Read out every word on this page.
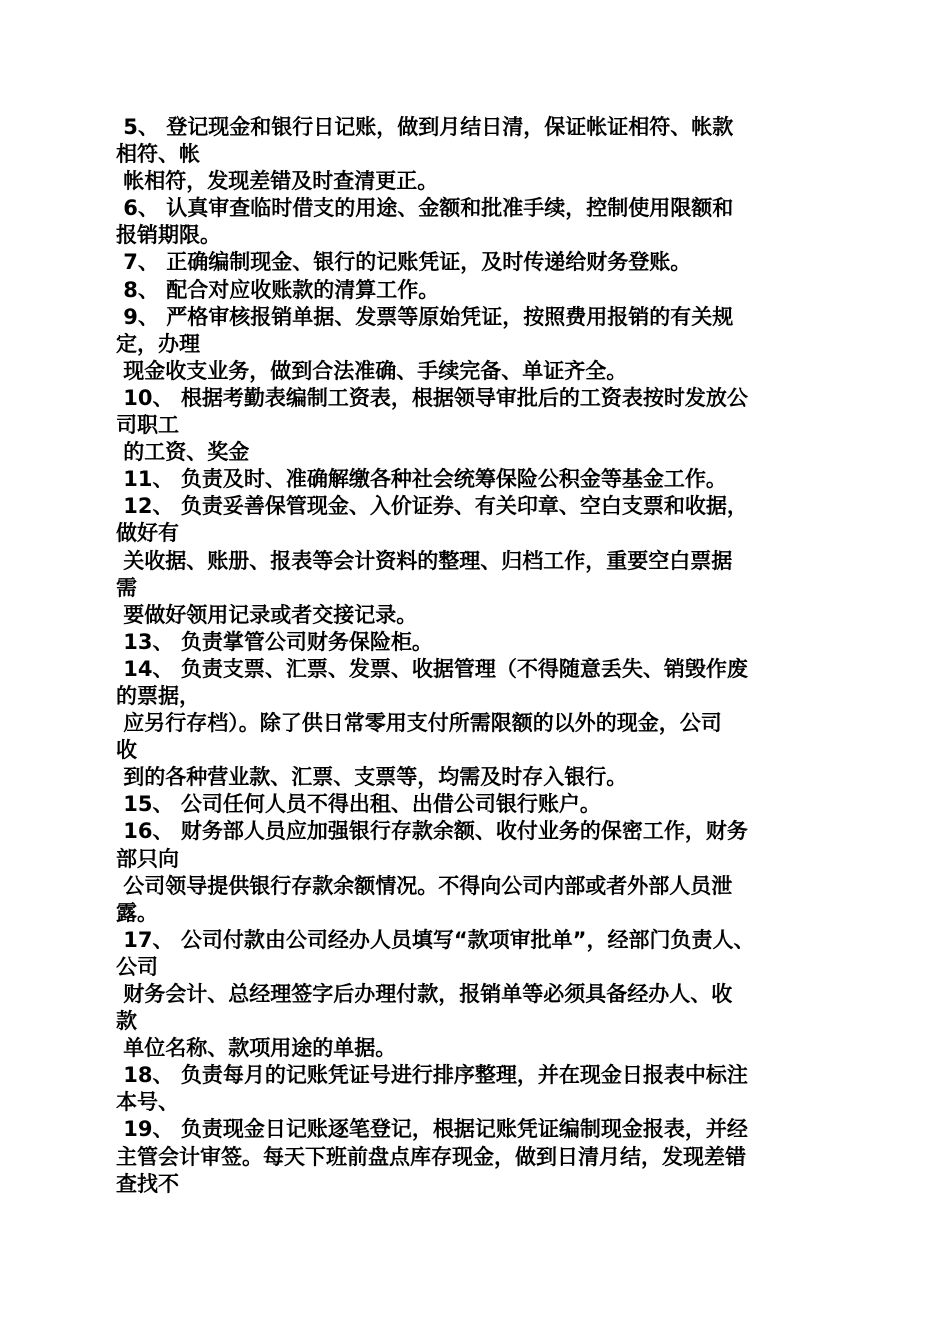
5、 登记现金和银行日记账，做到月结日清，保证帐证相符、帐款
相符、帐
帐相符，发现差错及时查清更正。
6、 认真审查临时借支的用途、金额和批准手续，控制使用限额和
报销期限。
7、 正确编制现金、银行的记账凭证，及时传递给财务登账。
8、 配合对应收账款的清算工作。
9、 严格审核报销单据、发票等原始凭证，按照费用报销的有关规
定，办理
现金收支业务，做到合法准确、手续完备、单证齐全。
10、 根据考勤表编制工资表，根据领导审批后的工资表按时发放公
司职工
的工资、奖金
11、 负责及时、准确解缴各种社会统筹保险公积金等基金工作。
12、 负责妥善保管现金、入价证券、有关印章、空白支票和收据，
做好有
关收据、账册、报表等会计资料的整理、归档工作，重要空白票据
需
要做好领用记录或者交接记录。
13、 负责掌管公司财务保险柜。
14、 负责支票、汇票、发票、收据管理（不得随意丢失、销毁作废
的票据，
应另行存档）。除了供日常零用支付所需限额的以外的现金，公司
收
到的各种营业款、汇票、支票等，均需及时存入银行。
15、 公司任何人员不得出租、出借公司银行账户。
16、 财务部人员应加强银行存款余额、收付业务的保密工作，财务
部只向
公司领导提供银行存款余额情况。不得向公司内部或者外部人员泄
露。
17、 公司付款由公司经办人员填写“款项审批单”，经部门负责人、
公司
财务会计、总经理签字后办理付款，报销单等必须具备经办人、收
款
单位名称、款项用途的单据。
18、 负责每月的记账凭证号进行排序整理，并在现金日报表中标注
本号、
19、 负责现金日记账逐笔登记，根据记账凭证编制现金报表，并经
主管会计审签。每天下班前盘点库存现金，做到日清月结，发现差错
查找不
